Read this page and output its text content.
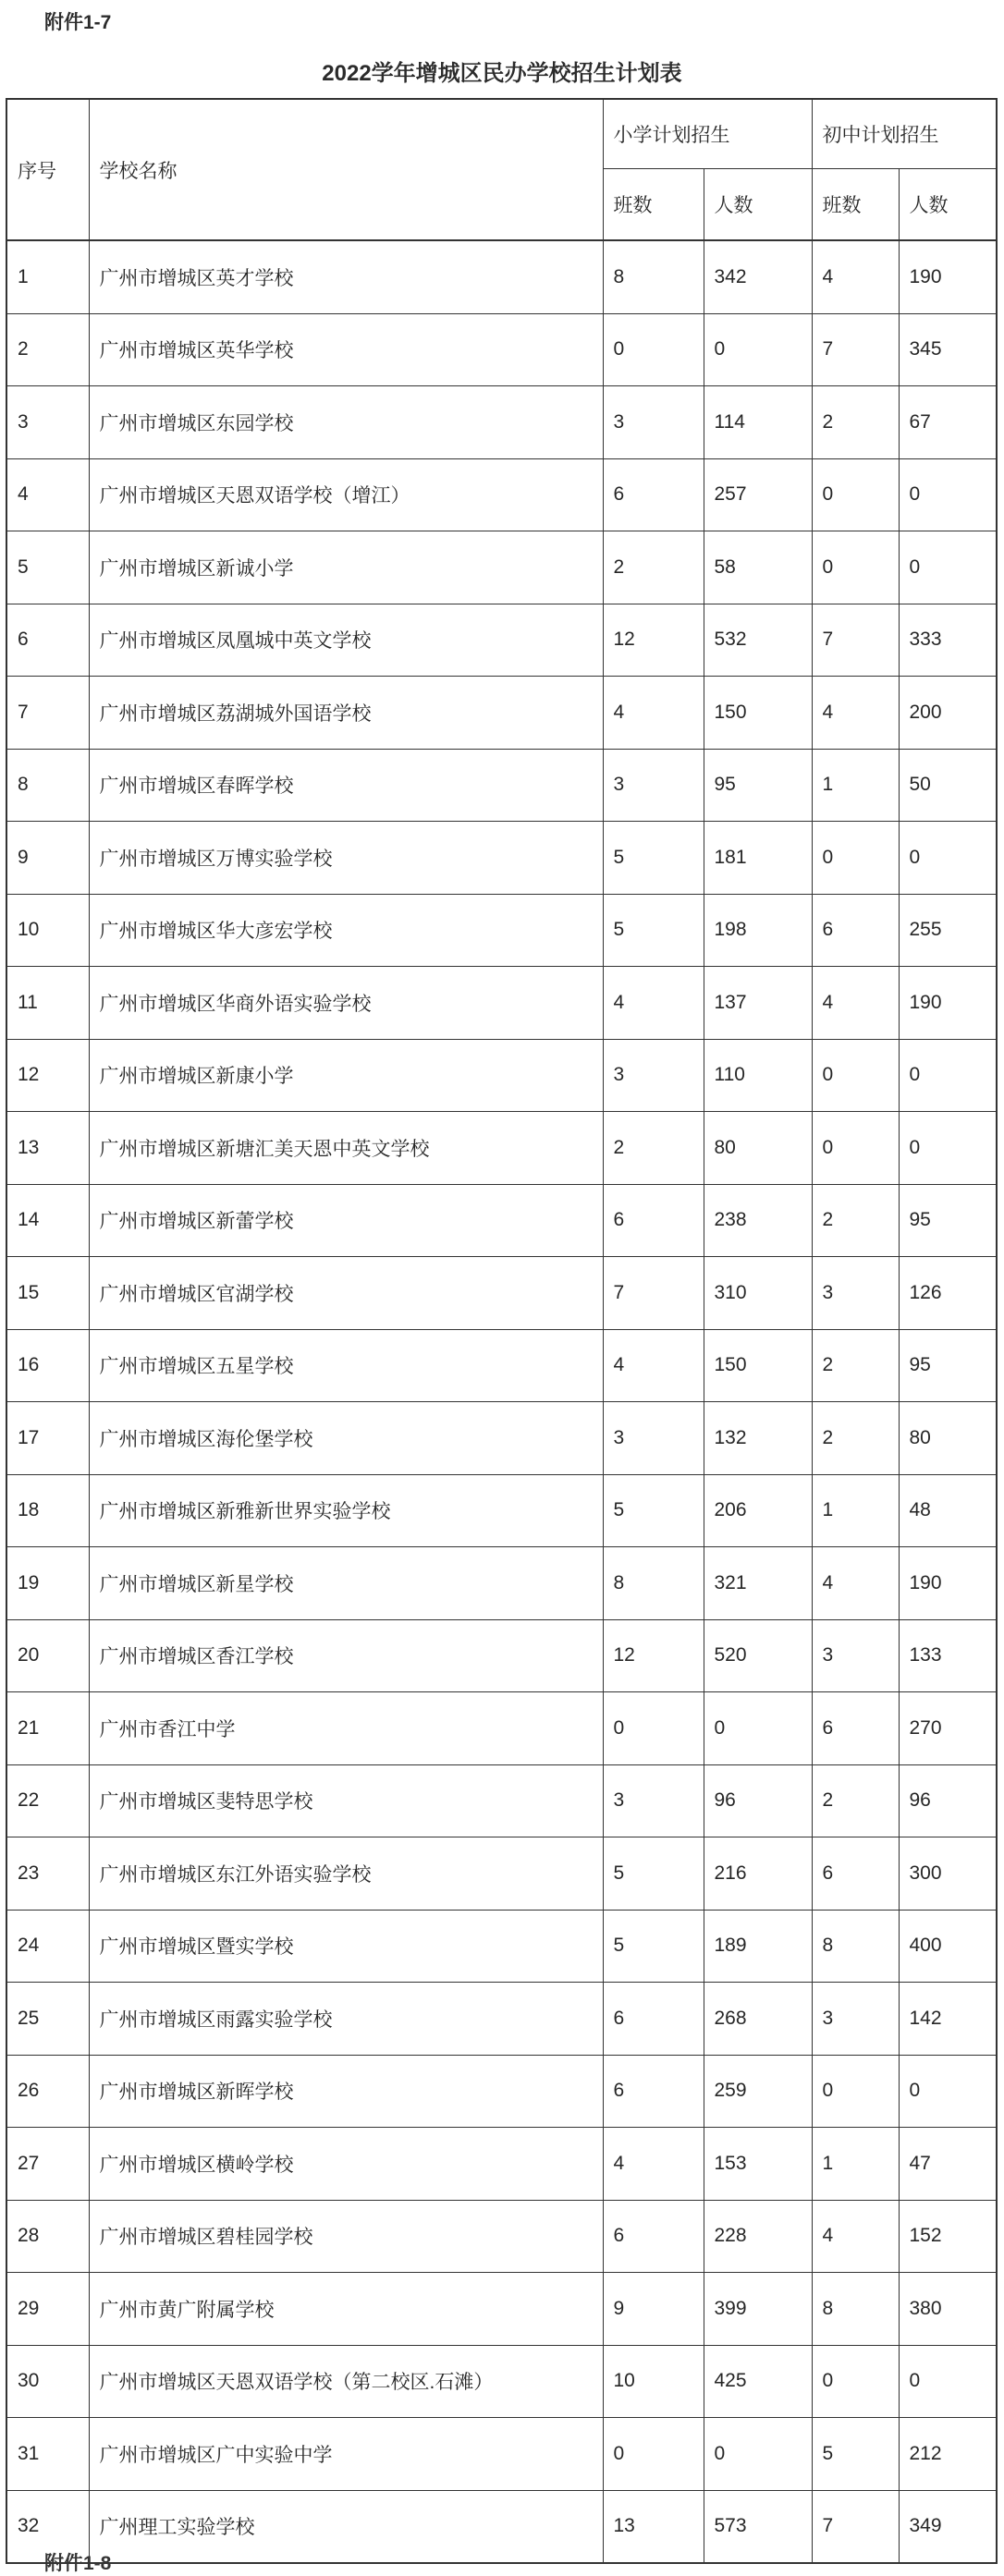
附件1-7
2022学年增城区民办学校招生计划表
序号	学校名称	小学计划招生		初中计划招生	
		班数	人数	班数	人数
1	广州市增城区英才学校	8	342	4	190
2	广州市增城区英华学校	0	0	7	345
3	广州市增城区东园学校	3	114	2	67
4	广州市增城区天恩双语学校（增江）	6	257	0	0
5	广州市增城区新诚小学	2	58	0	0
6	广州市增城区凤凰城中英文学校	12	532	7	333
7	广州市增城区荔湖城外国语学校	4	150	4	200
8	广州市增城区春晖学校	3	95	1	50
9	广州市增城区万博实验学校	5	181	0	0
10	广州市增城区华大彦宏学校	5	198	6	255
11	广州市增城区华商外语实验学校	4	137	4	190
12	广州市增城区新康小学	3	110	0	0
13	广州市增城区新塘汇美天恩中英文学校	2	80	0	0
14	广州市增城区新蕾学校	6	238	2	95
15	广州市增城区官湖学校	7	310	3	126
16	广州市增城区五星学校	4	150	2	95
17	广州市增城区海伦堡学校	3	132	2	80
18	广州市增城区新雅新世界实验学校	5	206	1	48
19	广州市增城区新星学校	8	321	4	190
20	广州市增城区香江学校	12	520	3	133
21	广州市香江中学	0	0	6	270
22	广州市增城区斐特思学校	3	96	2	96
23	广州市增城区东江外语实验学校	5	216	6	300
24	广州市增城区暨实学校	5	189	8	400
25	广州市增城区雨露实验学校	6	268	3	142
26	广州市增城区新晖学校	6	259	0	0
27	广州市增城区横岭学校	4	153	1	47
28	广州市增城区碧桂园学校	6	228	4	152
29	广州市黄广附属学校	9	399	8	380
30	广州市增城区天恩双语学校（第二校区.石滩）	10	425	0	0
31	广州市增城区广中实验中学	0	0	5	212
32	广州理工实验学校	13	573	7	349
附件1-8
